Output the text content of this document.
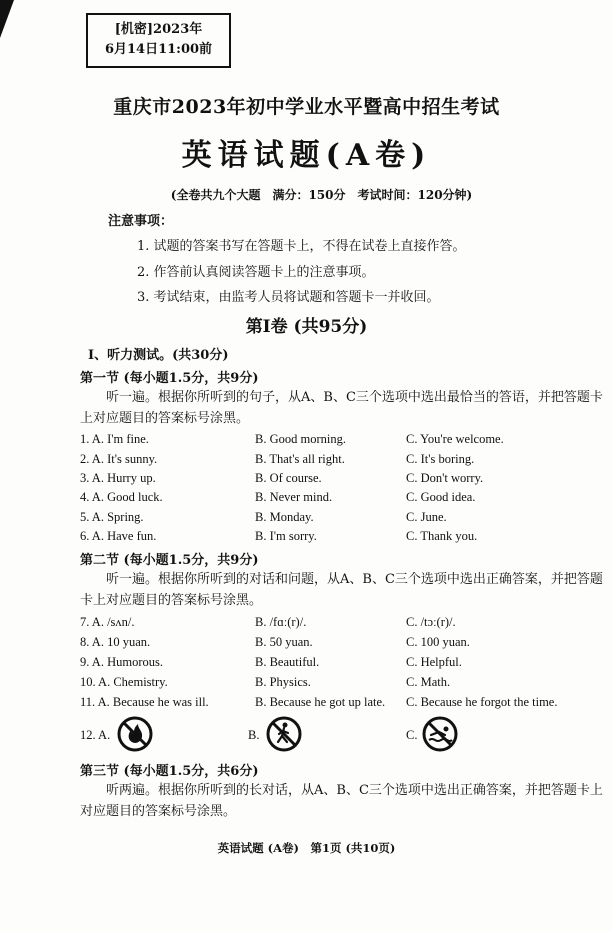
[机密]2023年
6月14日11:00前
重庆市2023年初中学业水平暨高中招生考试
英语试题(A卷)
(全卷共九个大题　满分：150分　考试时间：120分钟)
注意事项：
1. 试题的答案书写在答题卡上，不得在试卷上直接作答。
2. 作答前认真阅读答题卡上的注意事项。
3. 考试结束，由监考人员将试题和答题卡一并收回。
第Ⅰ卷 (共95分)
Ⅰ、听力测试。(共30分)
第一节 (每小题1.5分，共9分)
听一遍。根据你所听到的句子，从A、B、C三个选项中选出最恰当的答语，并把答题卡上对应题目的答案标号涂黑。
1. A. I'm fine.	B. Good morning.	C. You're welcome.
2. A. It's sunny.	B. That's all right.	C. It's boring.
3. A. Hurry up.	B. Of course.	C. Don't worry.
4. A. Good luck.	B. Never mind.	C. Good idea.
5. A. Spring.	B. Monday.	C. June.
6. A. Have fun.	B. I'm sorry.	C. Thank you.
第二节 (每小题1.5分，共9分)
听一遍。根据你所听到的对话和问题，从A、B、C三个选项中选出正确答案，并把答题卡上对应题目的答案标号涂黑。
7. A. /sʌn/.	B. /fɑː(r)/.	C. /tɔː(r)/.
8. A. 10 yuan.	B. 50 yuan.	C. 100 yuan.
9. A. Humorous.	B. Beautiful.	C. Helpful.
10. A. Chemistry.	B. Physics.	C. Math.
11. A. Because he was ill.	B. Because he got up late. C. Because he forgot the time.
12. A.	B.	C.
第三节 (每小题1.5分，共6分)
听两遍。根据你所听到的长对话，从A、B、C三个选项中选出正确答案，并把答题卡上对应题目的答案标号涂黑。
英语试题 (A卷)　第1页 (共10页)
